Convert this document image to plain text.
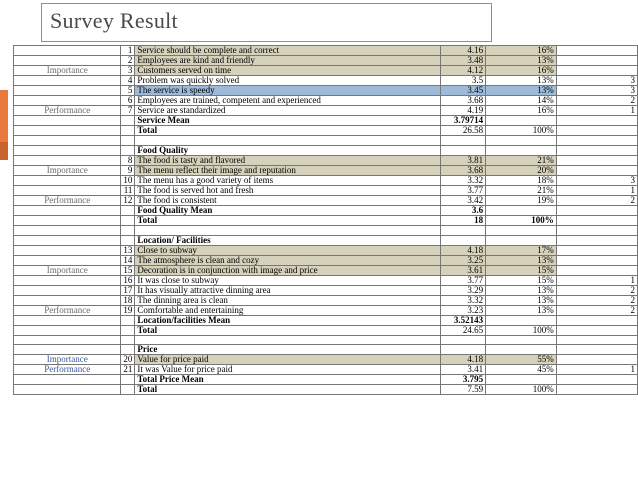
Survey Result
	1	Service should be complete and correct	4.16	16%	
	2	Employees are kind and friendly	3.48	13%	
Importance	3	Customers served on time	4.12	16%	
	4	Problem was quickly solved	3.5	13%	3
	5	The service is speedy	3.45	13%	3
	6	Employees are trained, competent and experienced	3.68	14%	2
Performance	7	Service are standardized	4.19	16%	1
		Service Mean	3.79714		
		Total	26.58	100%	

		Food Quality			
	8	The food is tasty and flavored	3.81	21%	
Importance	9	The menu reflect their image and reputation	3.68	20%	
	10	The menu has a good variety of items	3.32	18%	3
	11	The food is served hot and fresh	3.77	21%	1
Performance	12	The food is consistent	3.42	19%	2
		Food Quality Mean	3.6		
		Total	18	100%	

		Location/ Facilities			
	13	Close to subway	4.18	17%	
	14	The atmosphere is clean and cozy	3.25	13%	
Importance	15	Decoration is in conjunction with image and price	3.61	15%	
	16	It was close to subway	3.77	15%	1
	17	It has visually attractive dinning area	3.29	13%	2
	18	The dinning area is clean	3.32	13%	2
Performance	19	Comfortable and entertaining	3.23	13%	2
		Location/facilities Mean	3.52143		
		Total	24.65	100%	

		Price			
Importance	20	Value for price paid	4.18	55%	
Performance	21	It was Value for price paid	3.41	45%	1
		Total Price Mean	3.795		
		Total	7.59	100%	
